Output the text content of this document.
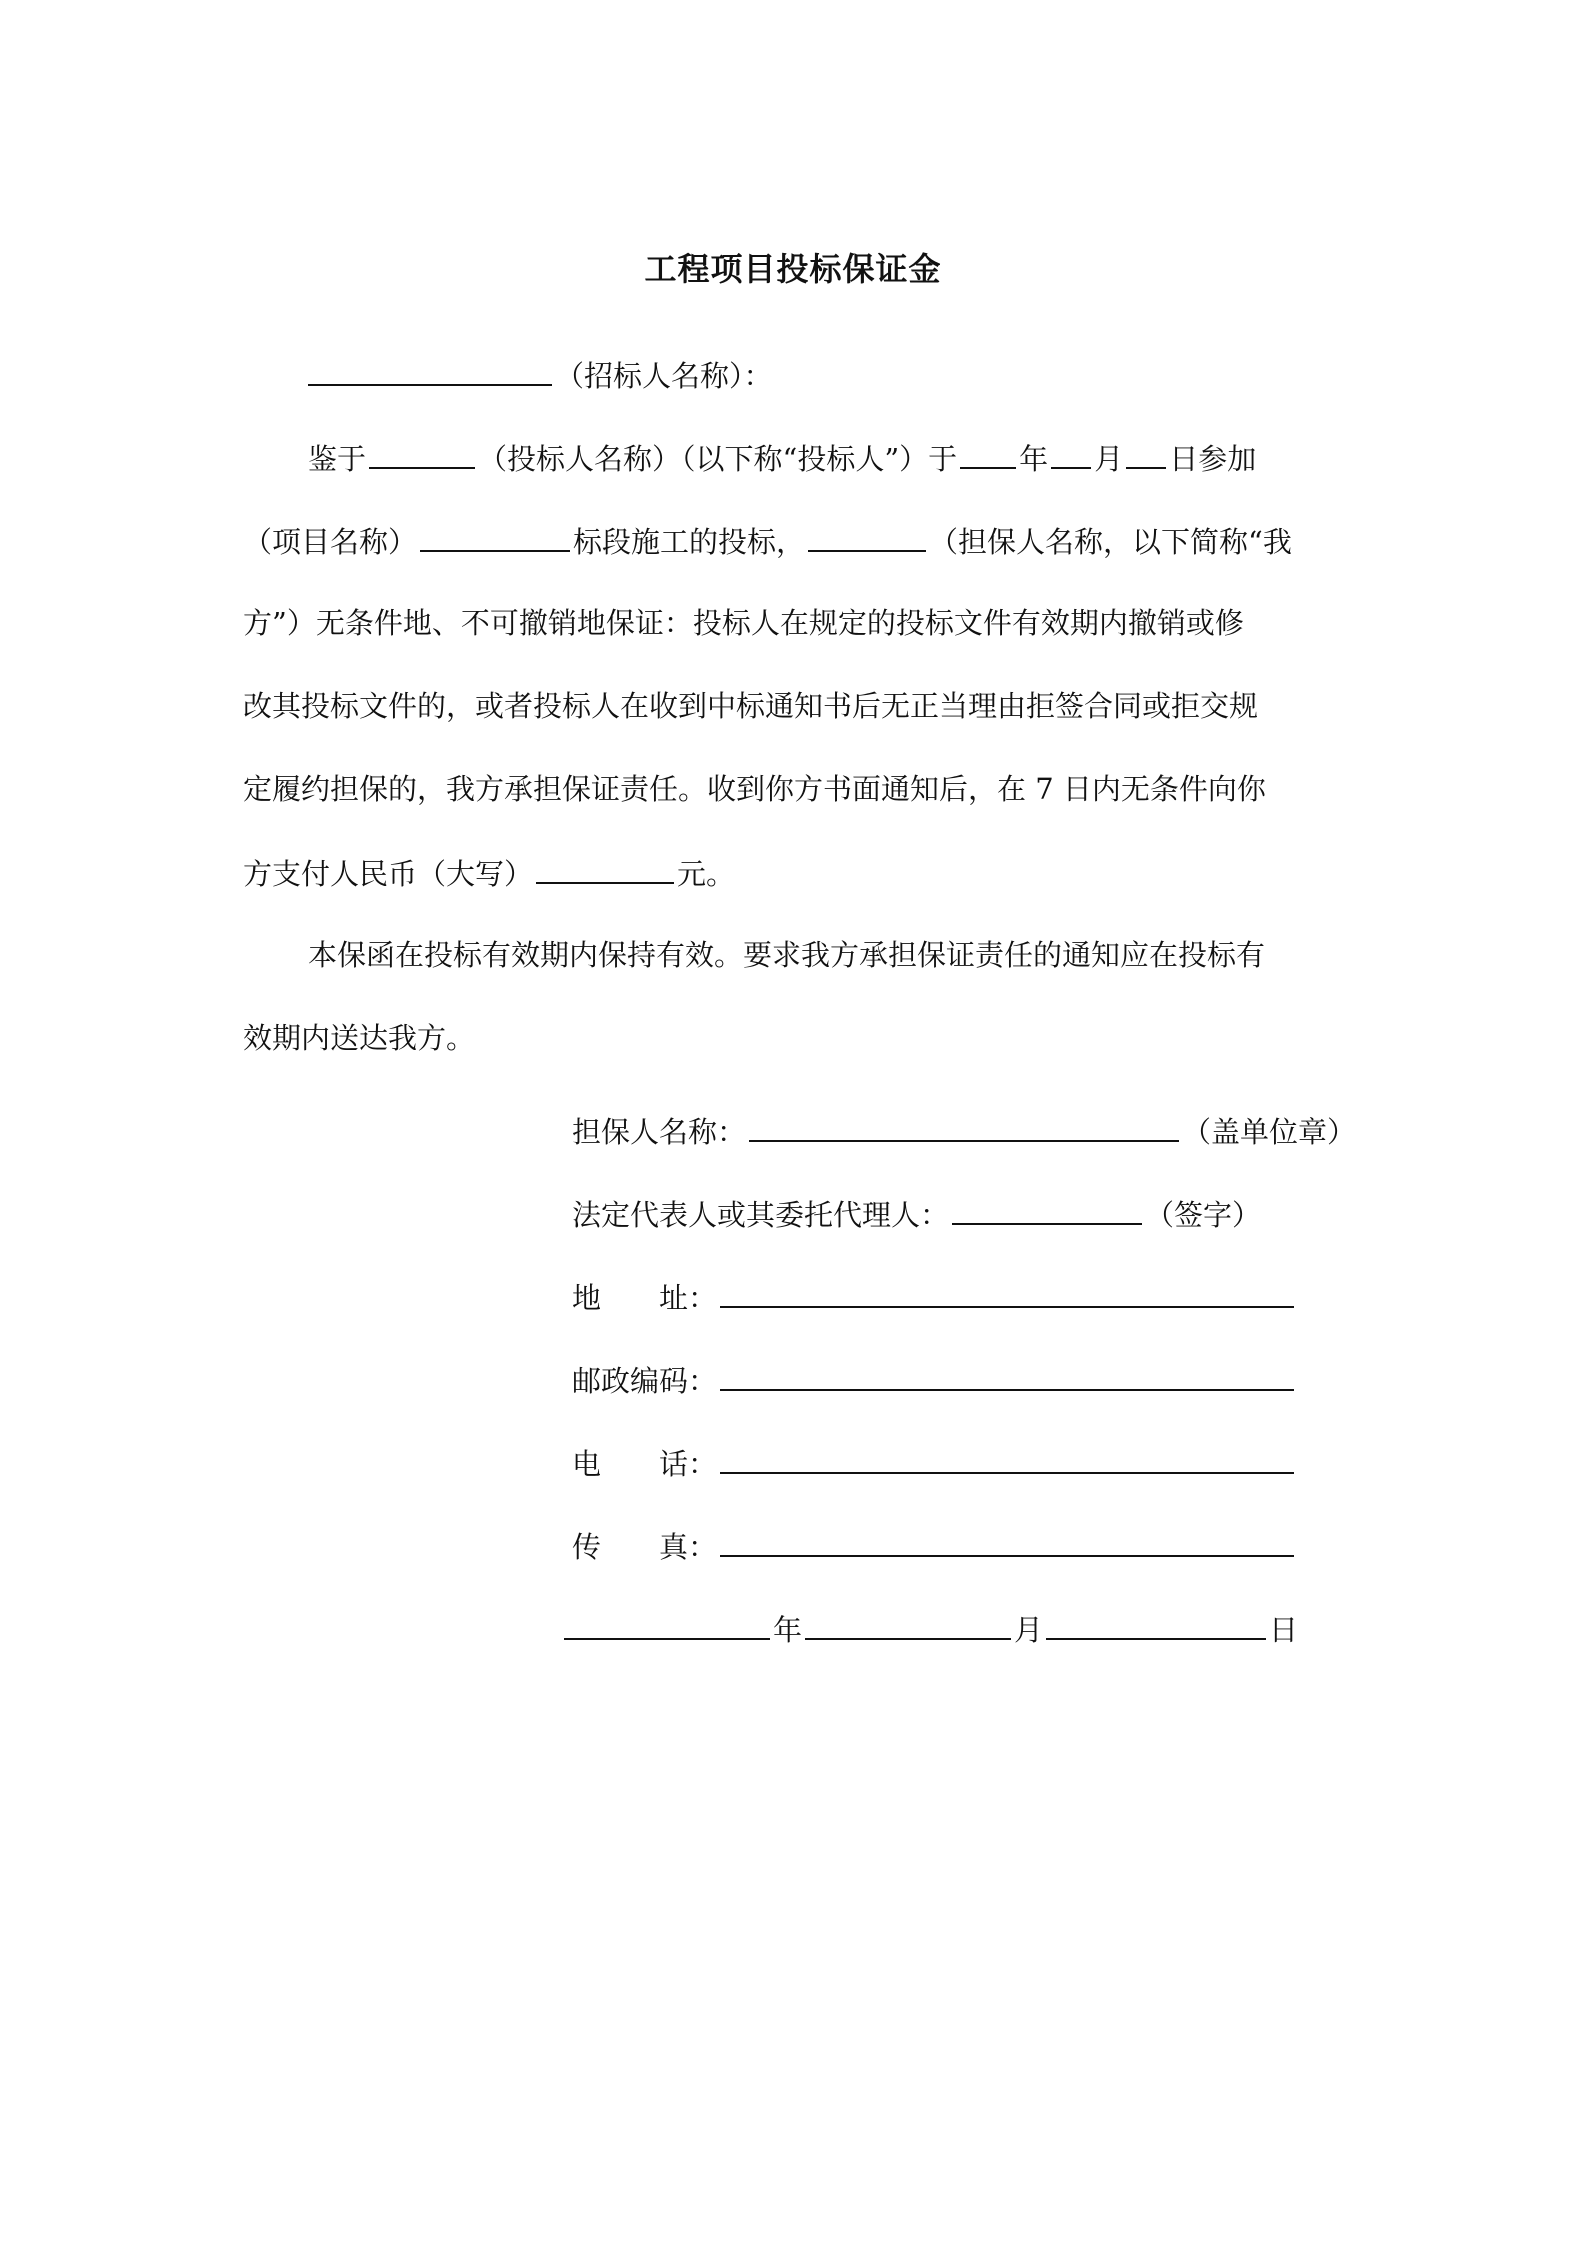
工程项目投标保证金
（招标人名称）：
鉴于	（投标人名称）（以下称“投标人”）于 年 月 日参加
（项目名称）	标段施工的投标，	（担保人名称，以下简称“我
方”）无条件地、不可撤销地保证：投标人在规定的投标文件有效期内撤销或修
改其投标文件的，或者投标人在收到中标通知书后无正当理由拒签合同或拒交规
定履约担保的，我方承担保证责任。收到你方书面通知后，在 7 日内无条件向你
方支付人民币（大写）	元。
本保函在投标有效期内保持有效。要求我方承担保证责任的通知应在投标有
效期内送达我方。
担保人名称：	（盖单位章）
法定代表人或其委托代理人：	（签字）
地　　址：
邮政编码：
电　　话：
传　　真：
年	月	日
